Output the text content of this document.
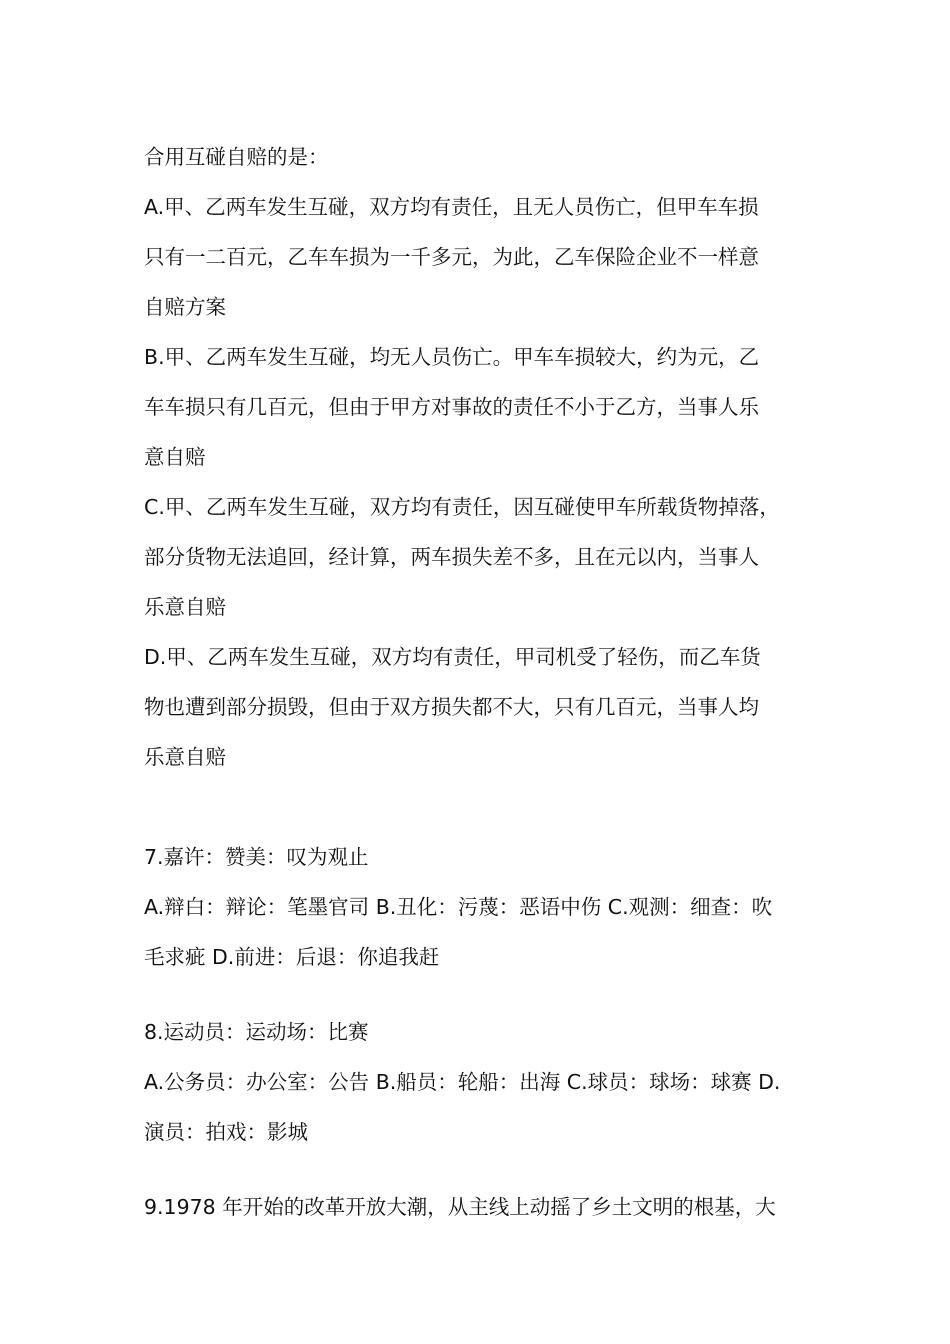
合用互碰自赔的是：
A.甲、乙两车发生互碰，双方均有责任，且无人员伤亡，但甲车车损
只有一二百元，乙车车损为一千多元，为此，乙车保险企业不一样意
自赔方案
B.甲、乙两车发生互碰，均无人员伤亡。甲车车损较大，约为元，乙
车车损只有几百元，但由于甲方对事故的责任不小于乙方，当事人乐
意自赔
C.甲、乙两车发生互碰，双方均有责任，因互碰使甲车所载货物掉落，
部分货物无法追回，经计算，两车损失差不多，且在元以内，当事人
乐意自赔
D.甲、乙两车发生互碰，双方均有责任，甲司机受了轻伤，而乙车货
物也遭到部分损毁，但由于双方损失都不大，只有几百元，当事人均
乐意自赔
7.嘉许：赞美：叹为观止
A.辩白：辩论：笔墨官司 B.丑化：污蔑：恶语中伤 C.观测：细查：吹
毛求疵 D.前进：后退：你追我赶
8.运动员：运动场：比赛
A.公务员：办公室：公告 B.船员：轮船：出海 C.球员：球场：球赛 D.
演员：拍戏：影城
9.1978 年开始的改革开放大潮，从主线上动摇了乡土文明的根基，大
